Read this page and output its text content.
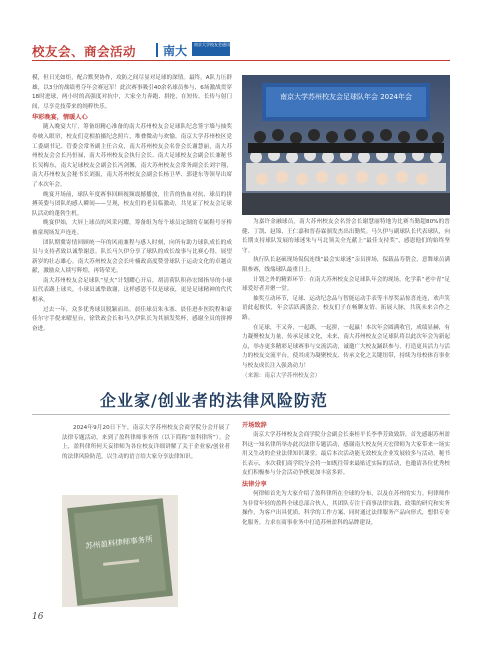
校友会、商会活动 南大	南京大学校友会通讯 校友之声

模，但日光如炬，配合默契协作，攻防之间尽显对足球的深情。最终，A队力压群雄，以3分的战绩勇夺年会赛冠军！此次赛事吸引40余名球员参与，6场激战贯穿18时进球，两小时的高强度对抗中，大家全力奔跑、拼抢，在短传、长传与射门间，尽享竞技带来的纯粹快乐。

华彩晚宴，情暖人心

随入晚宴大厅，筹备组精心准备的南大苏州校友会足球队纪念签字墙与抽奖券映入眼帘，校友们竞相拍摄纪念照片，堆叠微动与欢愉。南京大学苏州校区党工委副书记、管委会常务副主任合众，南大苏州校友会名誉会长谢慧丽，南大苏州校友会会长冯恒禄，南大苏州校友会执行会长、南大足球校友会副会长兼秘书长吴梅东，南大足球校友会副会长冯剑馨，南大苏州校友会常务副会长刘宇翔，南大苏州校友会秘书长刘振，南大苏州校友会副会长杨卫华、郭建东等领导出席了本次年会。

晚宴开场前，球队年度赛事回顾视频震撼播放，往昔的热血对抗、球员的拼搏英姿与团队的感人瞬间——呈现，校友们的老员临激动，共见证了校友会足球队活动的蓬勃生机。

晚宴伊始，大屏上球员的风采闪耀，筹备组为每个球员定制的专属鞋号牙桥被童现场发声连连。

团队期冀寄情回顾统一年的风雨兼程与感人时刻，向所有助力球队成长的成员与支持者致以诚挚谢意。队长马久伊分享了球队的成长故事与比赛心得，展望新岁的壮志雄心。南大苏州校友会会长叶楠政高度赞誉球队于运动文化的卓越贡献，激励众人续写辉煌，再铸荣光。

南大苏州校友会足球队“星火”计划耀心开启，胡清荷队积孙宏图指导的小球员代表踢上球夹，小球员诚挚致谢，这样感恩不仅是球夜，更是足球精神的代代相承。

过去一年，众多优秀球员脱颖而出。晨佳球员朱永塞、晨佳进步医院程和豪佳尔守手倪来曜星台，徐铁政会长和马久伊队长为其颁发奖杯，感谢全员的拼搏奋进。

南京大学苏州校友会足球队年会 2024年会

为嘉许金融球员，南大苏州校友会名誉会长谢慧丽特地为比赛当勤超80%的晋健、丁凯、赵锦、王仁嘉和晋春霖颁发杰出出勤奖。马久伊与副球队长代表球队，向长期支持球队发展的球迷朱与马北领关全光献上“最佳支持奖”，感恩他们的始终坚守。

执行队长赵硕现场侃侃连线“最会实球迷”亲员拼场，保载品寿帮会，意舞球员满限参赛，线端球队最重日上。

计划之外的精彩环节：在南大苏州校友会足球队年会的现场，化学系“老中青”足球爱好者并聚一堂。

抽奖互动环节，足球、运动纪念品与智能运动手表等丰厚奖品惊喜连连，欢声笑语此起彼伏，年会活跃满盛会，校友们子在畅聊友情、拓展人脉，共筑未来合作之路。

在足球，不又奔，一起踢，一起拼，一起赢！本次年会圆满收官，成绩显赫，有力凝聚校友力量，传承足球文化，未来，南大苏州校友会足球队将以此次年会为新起点，举办更多精彩足球赛事与交流活动，诚邀广大校友踊跃参与，打造更具活力与活力的校友交流平台，使其成为凝聚校友、传承文化之关键纽带，持续为母校体育事业与校友成长注入强劲动力！

（来源：南京大学苏州校友会）

企业家/创业者的法律风险防范

2024年9月20日下午，南京大学苏州校友会商学院分会开展了法律专题活动，来到了盈科律师事务所（以下简称“盈科律所”）。会上，盈科律所何天妄律师为各位校友详细讲解了关于企业家/创业者的法律风险防范，以生动的语言给大家分享法律知识。

苏州盈科律师事务所

开场致辞

南京大学苏州校友会商学院分会副会长秦桂平长李季芳致致辞，首先感谢苏州盈科这一知名律所举办此次法律专题活动，感谢南大校友何天宏律师为大家带来一场实用又生动的企业法律知识课堂。最后本次活动能无效校友企业发展较多与活动，秘书长表示，本次我们商学院分会将一如既往带来最贴近实际的活动，也邀请各位优秀校友们积极参与分会活动争携更加丰富多彩。

法律分享

何律师首先为大家介绍了盈科律所在全球的分布，以及在苏州的实力。何律师作为非常年轻的盈科全球总部合伙人，其团队专注于商事法律实践、政策的研究和实务操作，为客户出具优质、科学的工作方案、同时通过法律服务产品向形式，想供专业化服务。力求在商事业务中打造苏州盈科的品牌建设。

16
